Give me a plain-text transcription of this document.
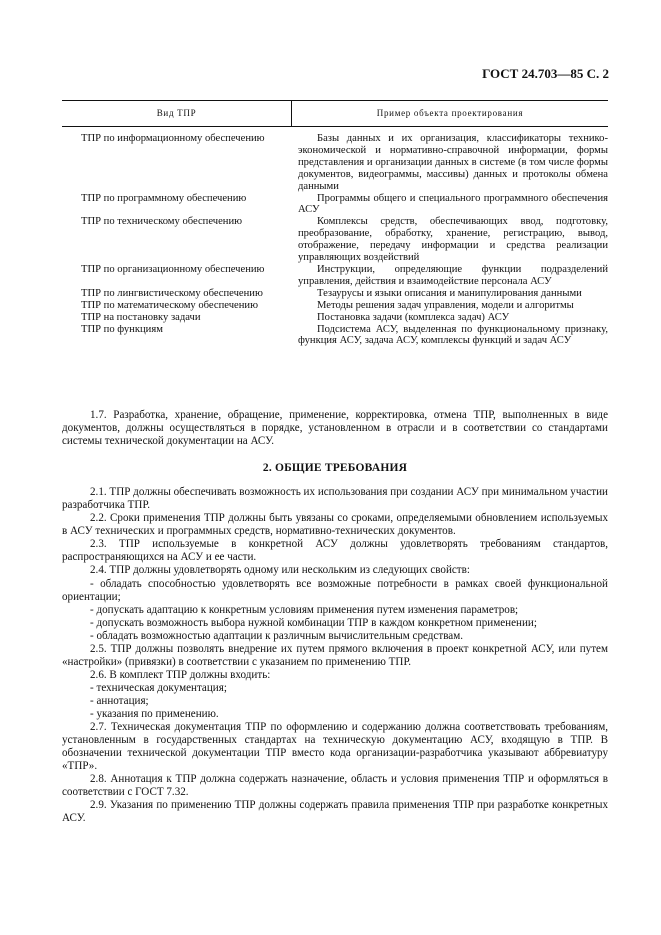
ГОСТ 24.703—85 С. 2
Вид ТПР	Пример объекта проектирования
ТПР по информационному обеспечению	Базы данных и их организация, классификаторы технико-экономической и нормативно-справочной информации, формы представления и организации данных в системе (в том числе формы документов, видеограммы, массивы) данных и протоколы обмена данными
ТПР по программному обеспечению	Программы общего и специального программного обеспечения АСУ
ТПР по техническому обеспечению	Комплексы средств, обеспечивающих ввод, подготовку, преобразование, обработку, хранение, регистрацию, вывод, отображение, передачу информации и средства реализации управляющих воздействий
ТПР по организационному обеспечению	Инструкции, определяющие функции подразделений управления, действия и взаимодействие персонала АСУ
ТПР по лингвистическому обеспечению	Тезаурусы и языки описания и манипулирования данными
ТПР по математическому обеспечению	Методы решения задач управления, модели и алгоритмы
ТПР на постановку задачи	Постановка задачи (комплекса задач) АСУ
ТПР по функциям	Подсистема АСУ, выделенная по функциональному признаку, функция АСУ, задача АСУ, комплексы функций и задач АСУ

1.7. Разработка, хранение, обращение, применение, корректировка, отмена ТПР, выполненных в виде документов, должны осуществляться в порядке, установленном в отрасли и в соответствии со стандартами системы технической документации на АСУ.

2. ОБЩИЕ ТРЕБОВАНИЯ

2.1. ТПР должны обеспечивать возможность их использования при создании АСУ при минимальном участии разработчика ТПР.

2.2. Сроки применения ТПР должны быть увязаны со сроками, определяемыми обновлением используемых в АСУ технических и программных средств, нормативно-технических документов.

2.3. ТПР используемые в конкретной АСУ должны удовлетворять требованиям стандартов, распространяющихся на АСУ и ее части.

2.4. ТПР должны удовлетворять одному или нескольким из следующих свойств:

- обладать способностью удовлетворять все возможные потребности в рамках своей функциональной ориентации;

- допускать адаптацию к конкретным условиям применения путем изменения параметров;

- допускать возможность выбора нужной комбинации ТПР в каждом конкретном применении;

- обладать возможностью адаптации к различным вычислительным средствам.

2.5. ТПР должны позволять внедрение их путем прямого включения в проект конкретной АСУ, или путем «настройки» (привязки) в соответствии с указанием по применению ТПР.

2.6. В комплект ТПР должны входить:

- техническая документация;

- аннотация;

- указания по применению.

2.7. Техническая документация ТПР по оформлению и содержанию должна соответствовать требованиям, установленным в государственных стандартах на техническую документацию АСУ, входящую в ТПР. В обозначении технической документации ТПР вместо кода организации-разработчика указывают аббревиатуру «ТПР».

2.8. Аннотация к ТПР должна содержать назначение, область и условия применения ТПР и оформляться в соответствии с ГОСТ 7.32.

2.9. Указания по применению ТПР должны содержать правила применения ТПР при разработке конкретных АСУ.
